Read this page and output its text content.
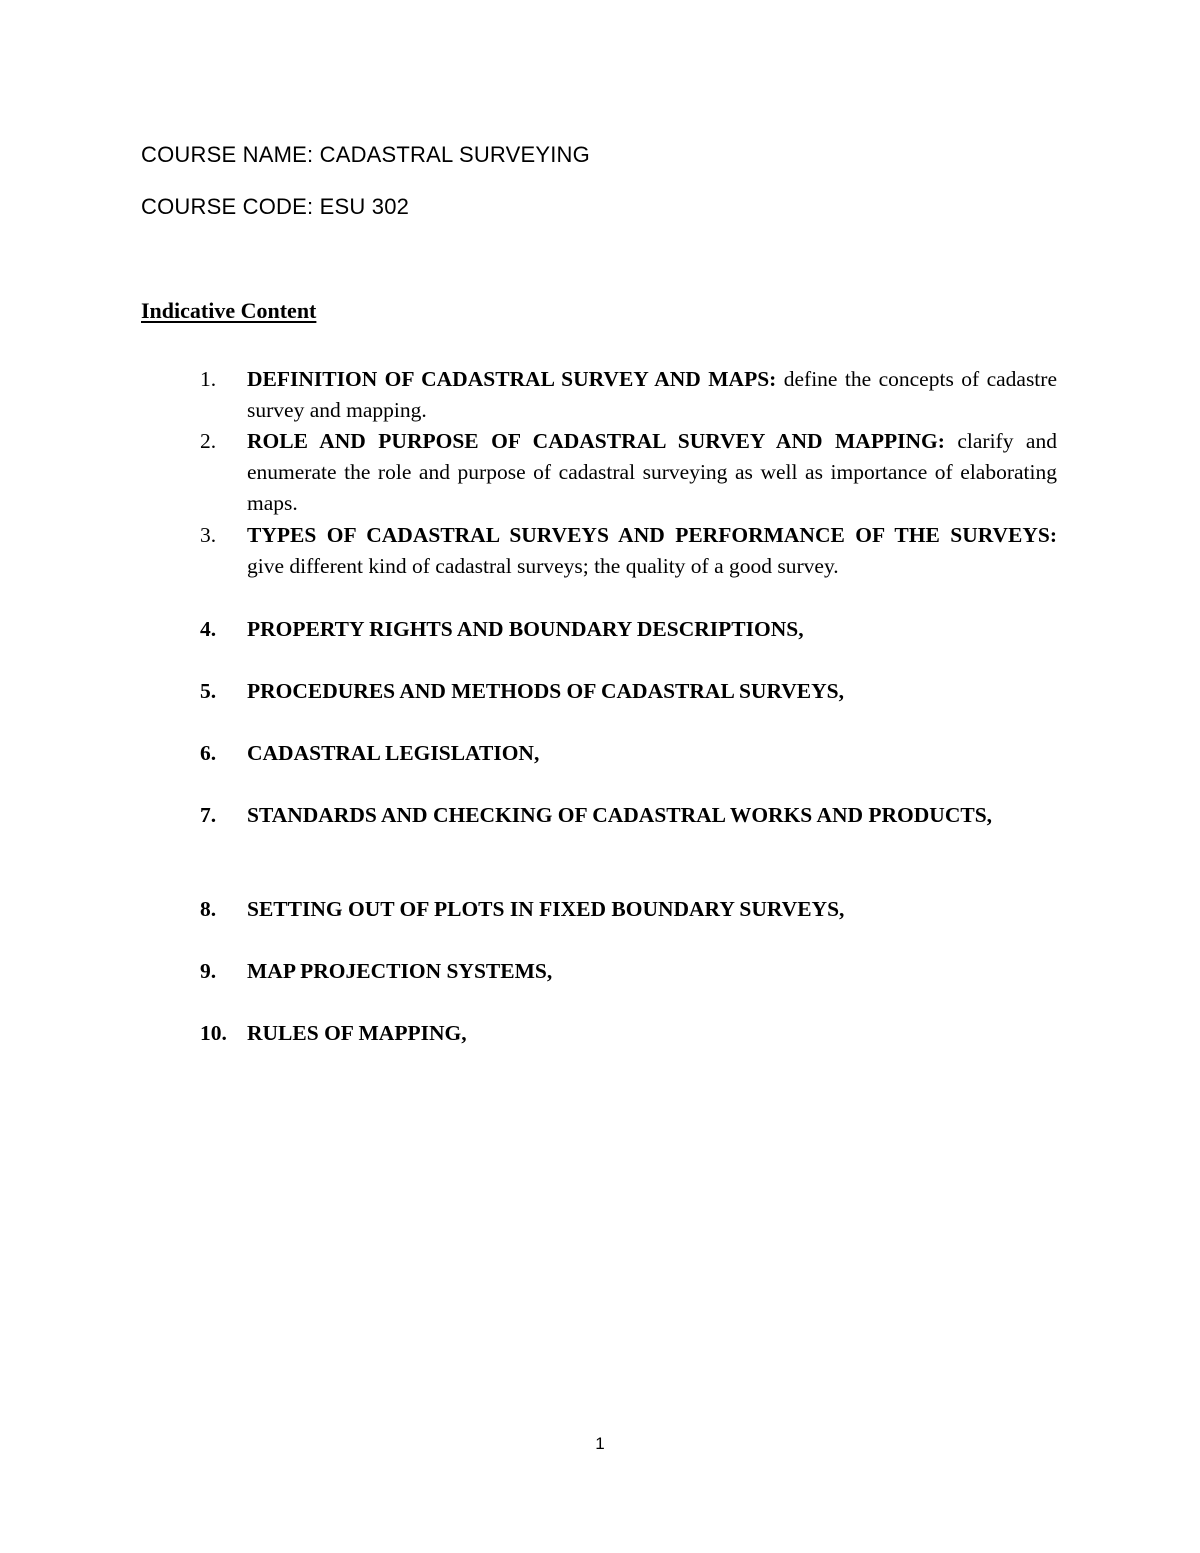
COURSE NAME: CADASTRAL SURVEYING
COURSE CODE: ESU 302
Indicative Content
1.	DEFINITION OF CADASTRAL SURVEY AND MAPS: define the concepts of cadastre survey and mapping.
2.	ROLE AND PURPOSE OF CADASTRAL SURVEY AND MAPPING: clarify and enumerate the role and purpose of cadastral surveying as well as importance of elaborating maps.
3.	TYPES OF CADASTRAL SURVEYS AND PERFORMANCE OF THE SURVEYS: give different kind of cadastral surveys; the quality of a good survey.
4.	PROPERTY RIGHTS AND BOUNDARY DESCRIPTIONS,
5.	PROCEDURES AND METHODS OF CADASTRAL SURVEYS,
6.	CADASTRAL LEGISLATION,
7.	STANDARDS AND CHECKING OF CADASTRAL WORKS AND PRODUCTS,
8.	SETTING OUT OF PLOTS IN FIXED BOUNDARY SURVEYS,
9.	MAP PROJECTION SYSTEMS,
10. RULES OF MAPPING,
1
